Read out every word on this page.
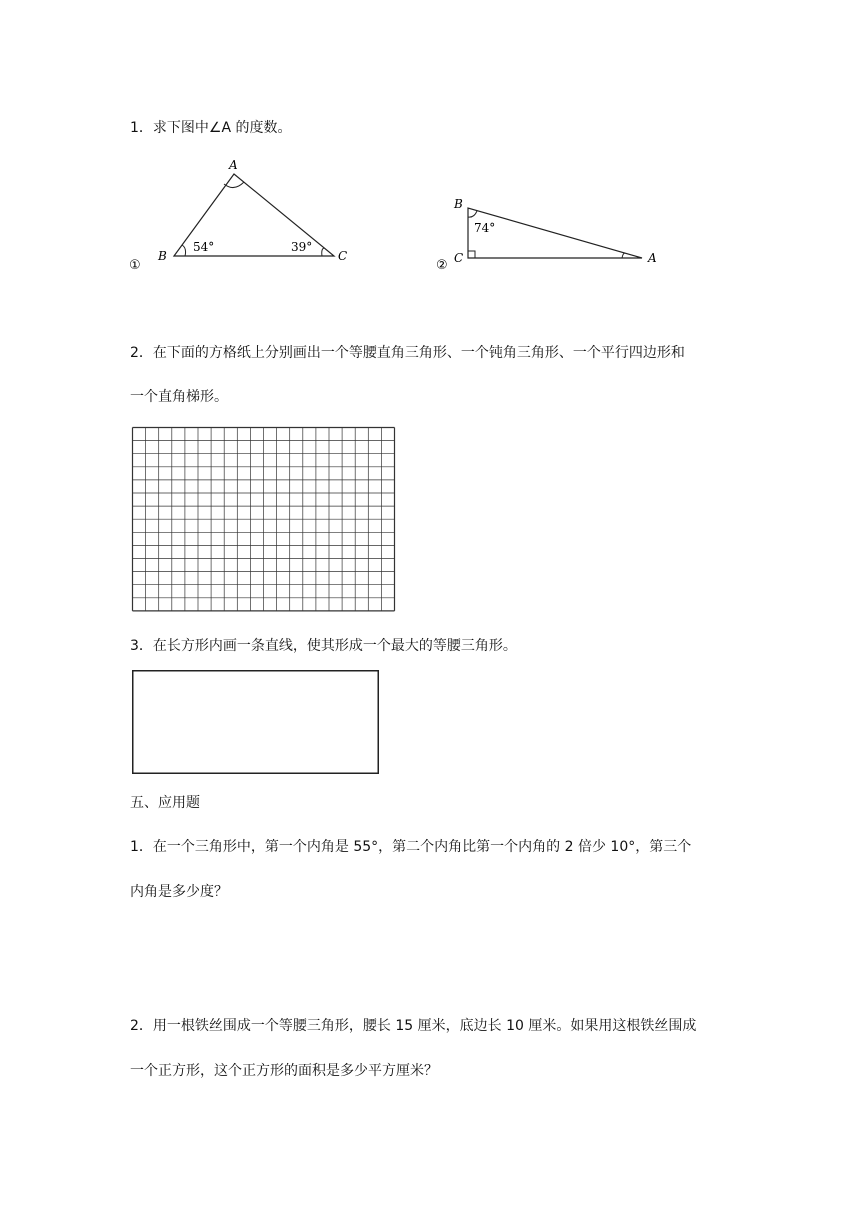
1．求下图中∠A 的度数。
A
B	C
54°	39°
①
B
C	A
74°
②
2．在下面的方格纸上分别画出一个等腰直角三角形、一个钝角三角形、一个平行四边形和
一个直角梯形。
3．在长方形内画一条直线，使其形成一个最大的等腰三角形。
五、应用题
1．在一个三角形中，第一个内角是 55°，第二个内角比第一个内角的 2 倍少 10°，第三个
内角是多少度？
2．用一根铁丝围成一个等腰三角形，腰长 15 厘米，底边长 10 厘米。如果用这根铁丝围成
一个正方形，这个正方形的面积是多少平方厘米？
